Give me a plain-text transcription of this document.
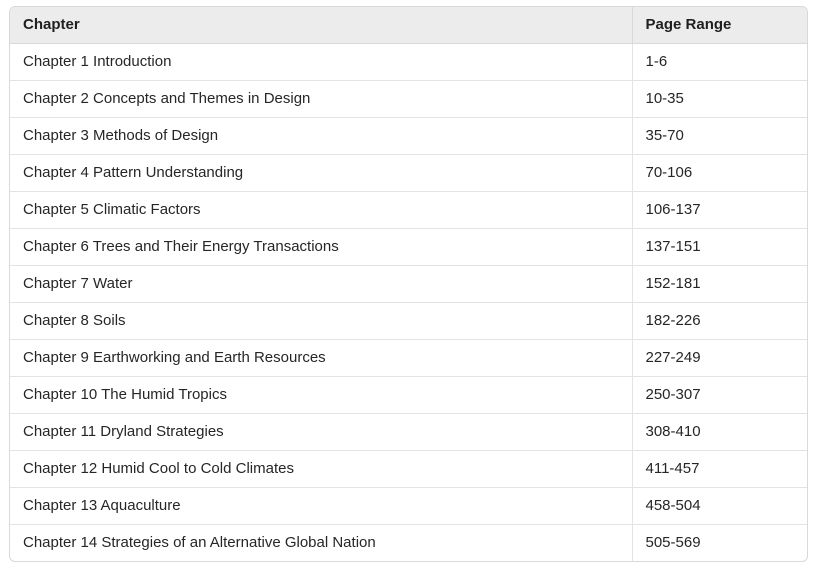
Chapter	Page Range
Chapter 1 Introduction	1-6
Chapter 2 Concepts and Themes in Design	10-35
Chapter 3 Methods of Design	35-70
Chapter 4 Pattern Understanding	70-106
Chapter 5 Climatic Factors	106-137
Chapter 6 Trees and Their Energy Transactions	137-151
Chapter 7 Water	152-181
Chapter 8 Soils	182-226
Chapter 9 Earthworking and Earth Resources	227-249
Chapter 10 The Humid Tropics	250-307
Chapter 11 Dryland Strategies	308-410
Chapter 12 Humid Cool to Cold Climates	411-457
Chapter 13 Aquaculture	458-504
Chapter 14 Strategies of an Alternative Global Nation	505-569
